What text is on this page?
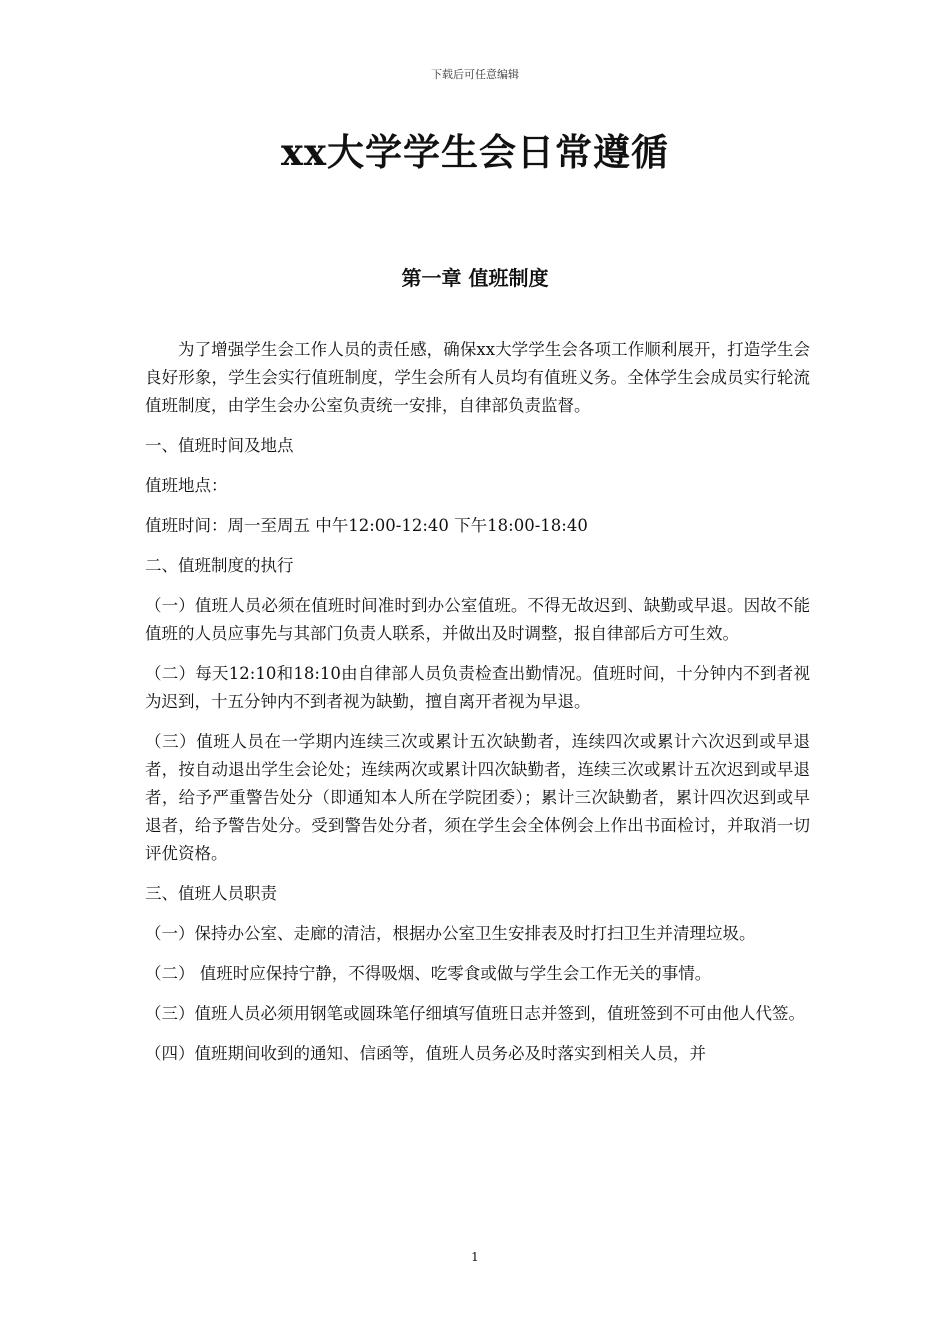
下载后可任意编辑
xx大学学生会日常遵循
第一章 值班制度

为了增强学生会工作人员的责任感，确保xx大学学生会各项工作顺利展开，打造学生会良好形象，学生会实行值班制度，学生会所有人员均有值班义务。全体学生会成员实行轮流值班制度，由学生会办公室负责统一安排，自律部负责监督。

一、值班时间及地点

值班地点：

值班时间：周一至周五 中午12:00-12:40 下午18:00-18:40

二、值班制度的执行

（一）值班人员必须在值班时间准时到办公室值班。不得无故迟到、缺勤或早退。因故不能值班的人员应事先与其部门负责人联系，并做出及时调整，报自律部后方可生效。

（二）每天12:10和18:10由自律部人员负责检查出勤情况。值班时间，十分钟内不到者视为迟到，十五分钟内不到者视为缺勤，擅自离开者视为早退。

（三）值班人员在一学期内连续三次或累计五次缺勤者，连续四次或累计六次迟到或早退者，按自动退出学生会论处；连续两次或累计四次缺勤者，连续三次或累计五次迟到或早退者，给予严重警告处分（即通知本人所在学院团委）；累计三次缺勤者，累计四次迟到或早退者，给予警告处分。受到警告处分者，须在学生会全体例会上作出书面检讨，并取消一切评优资格。

三、值班人员职责

（一）保持办公室、走廊的清洁，根据办公室卫生安排表及时打扫卫生并清理垃圾。

（二） 值班时应保持宁静，不得吸烟、吃零食或做与学生会工作无关的事情。

（三）值班人员必须用钢笔或圆珠笔仔细填写值班日志并签到，值班签到不可由他人代签。

（四）值班期间收到的通知、信函等，值班人员务必及时落实到相关人员，并

1
